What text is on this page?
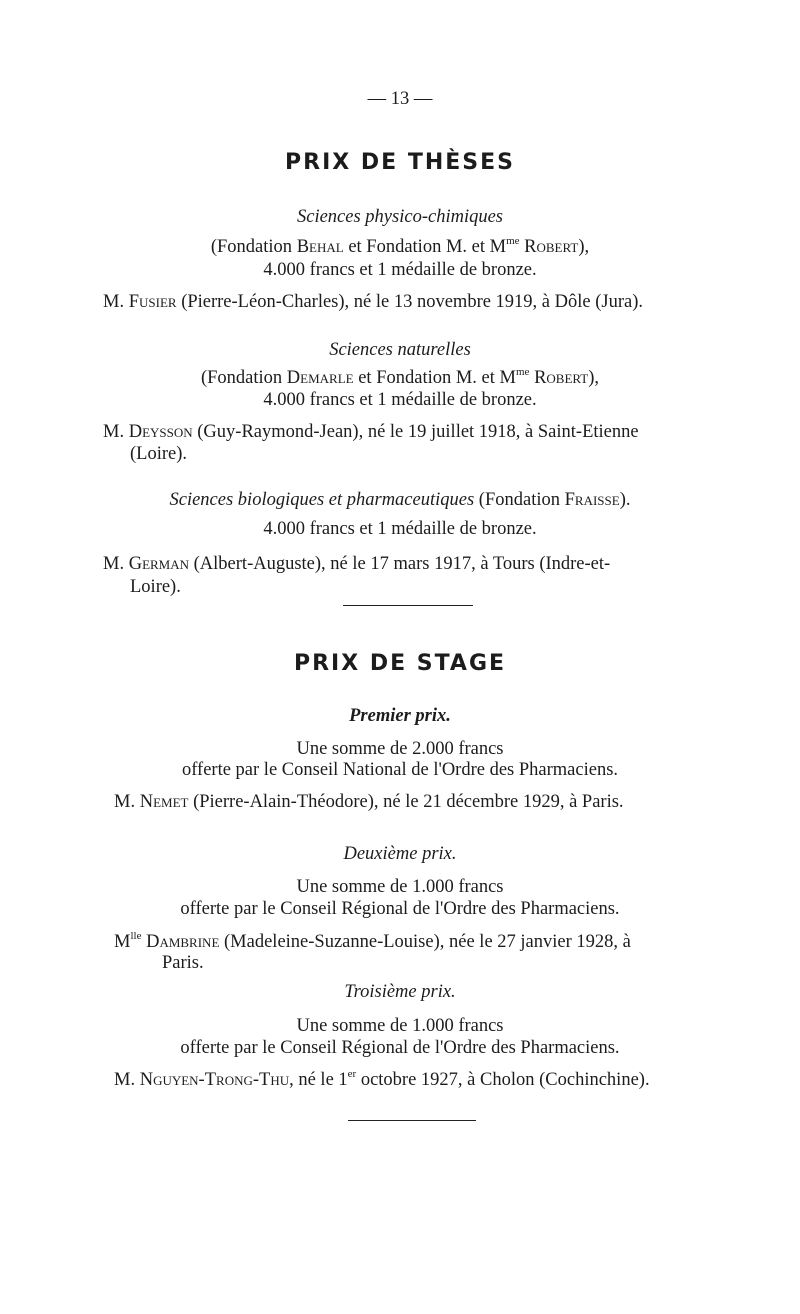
— 13 —
PRIX DE THÈSES
Sciences physico-chimiques
(Fondation Behal et Fondation M. et $M^{me}$ Robert),
4.000 francs et 1 médaille de bronze.
M. Fusier (Pierre-Léon-Charles), né le 13 novembre 1919, à Dôle (Jura).
Sciences naturelles
(Fondation Demarle et Fondation M. et $M^{me}$ Robert),
4.000 francs et 1 médaille de bronze.
M. Deysson (Guy-Raymond-Jean), né le 19 juillet 1918, à Saint-Etienne
(Loire).
Sciences biologiques et pharmaceutiques (Fondation Fraisse).
4.000 francs et 1 médaille de bronze.
M. German (Albert-Auguste), né le 17 mars 1917, à Tours (Indre-et-
Loire).
PRIX DE STAGE
Premier prix.
Une somme de 2.000 francs
offerte par le Conseil National de l'Ordre des Pharmaciens.
M. Nemet (Pierre-Alain-Théodore), né le 21 décembre 1929, à Paris.
Deuxième prix.
Une somme de 1.000 francs
offerte par le Conseil Régional de l'Ordre des Pharmaciens.
$M^{lle}$ Dambrine (Madeleine-Suzanne-Louise), née le 27 janvier 1928, à
Paris.
Troisième prix.
Une somme de 1.000 francs
offerte par le Conseil Régional de l'Ordre des Pharmaciens.
M. Nguyen-Trong-Thu, né le 1er octobre 1927, à Cholon (Cochinchine).
